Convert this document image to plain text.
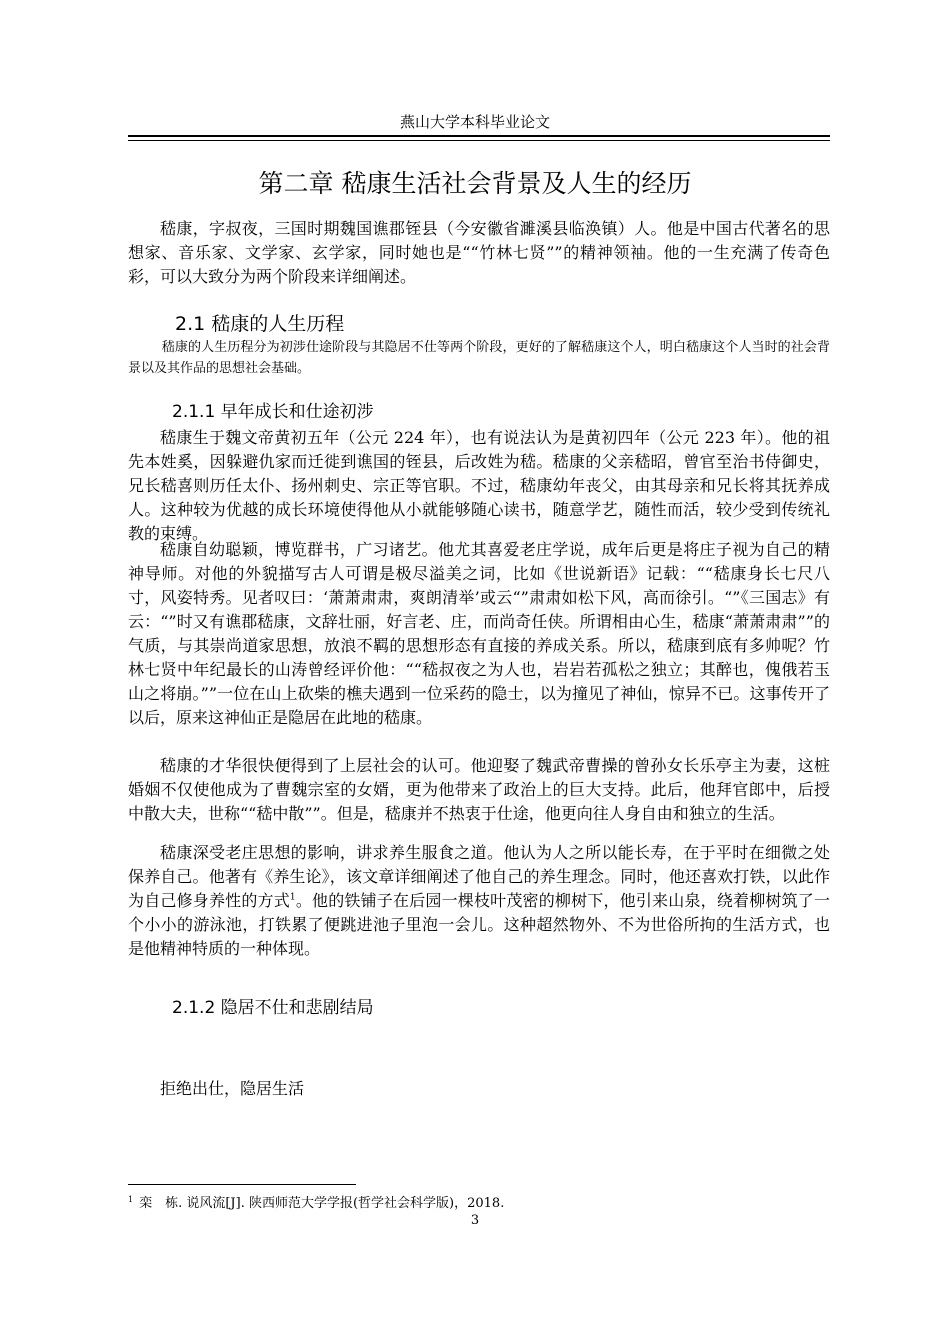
燕山大学本科毕业论文
第二章 嵇康生活社会背景及人生的经历

嵇康，字叔夜，三国时期魏国谯郡铚县（今安徽省濉溪县临涣镇）人。他是中国古代著名的思想家、音乐家、文学家、玄学家，同时她也是““竹林七贤””的精神领袖。他的一生充满了传奇色彩，可以大致分为两个阶段来详细阐述。

2.1 嵇康的人生历程

嵇康的人生历程分为初涉仕途阶段与其隐居不仕等两个阶段，更好的了解嵇康这个人，明白嵇康这个人当时的社会背景以及其作品的思想社会基础。

2.1.1 早年成长和仕途初涉

嵇康生于魏文帝黄初五年（公元 224 年），也有说法认为是黄初四年（公元 223 年）。他的祖先本姓奚，因躲避仇家而迁徙到谯国的铚县，后改姓为嵇。嵇康的父亲嵇昭，曾官至治书侍御史，兄长嵇喜则历任太仆、扬州刺史、宗正等官职。不过，嵇康幼年丧父，由其母亲和兄长将其抚养成人。这种较为优越的成长环境使得他从小就能够随心读书，随意学艺，随性而活，较少受到传统礼教的束缚。

嵇康自幼聪颖，博览群书，广习诸艺。他尤其喜爱老庄学说，成年后更是将庄子视为自己的精神导师。对他的外貌描写古人可谓是极尽溢美之词，比如《世说新语》记载：““嵇康身长七尺八寸，风姿特秀。见者叹曰：‘萧萧肃肃，爽朗清举’或云“”肃肃如松下风，高而徐引。“”《三国志》有云：“”时又有谯郡嵇康，文辞壮丽，好言老、庄，而尚奇任侠。所谓相由心生，嵇康“萧萧肃肃””的气质，与其崇尚道家思想，放浪不羁的思想形态有直接的养成关系。所以，嵇康到底有多帅呢？竹林七贤中年纪最长的山涛曾经评价他：““嵇叔夜之为人也，岩岩若孤松之独立；其醉也，傀俄若玉山之将崩。””一位在山上砍柴的樵夫遇到一位采药的隐士，以为撞见了神仙，惊异不已。这事传开了以后，原来这神仙正是隐居在此地的嵇康。

嵇康的才华很快便得到了上层社会的认可。他迎娶了魏武帝曹操的曾孙女长乐亭主为妻，这桩婚姻不仅使他成为了曹魏宗室的女婿，更为他带来了政治上的巨大支持。此后，他拜官郎中，后授中散大夫，世称““嵇中散””。但是，嵇康并不热衷于仕途，他更向往人身自由和独立的生活。

嵇康深受老庄思想的影响，讲求养生服食之道。他认为人之所以能长寿，在于平时在细微之处保养自己。他著有《养生论》，该文章详细阐述了他自己的养生理念。同时，他还喜欢打铁，以此作为自己修身养性的方式$^1$。他的铁铺子在后园一棵枝叶茂密的柳树下，他引来山泉，绕着柳树筑了一个小小的游泳池，打铁累了便跳进池子里泡一会儿。这种超然物外、不为世俗所拘的生活方式，也是他精神特质的一种体现。

2.1.2 隐居不仕和悲剧结局
拒绝出仕，隐居生活
$^1$ 栾　栋. 说风流[J]. 陕西师范大学学报(哲学社会科学版)，2018.
3
